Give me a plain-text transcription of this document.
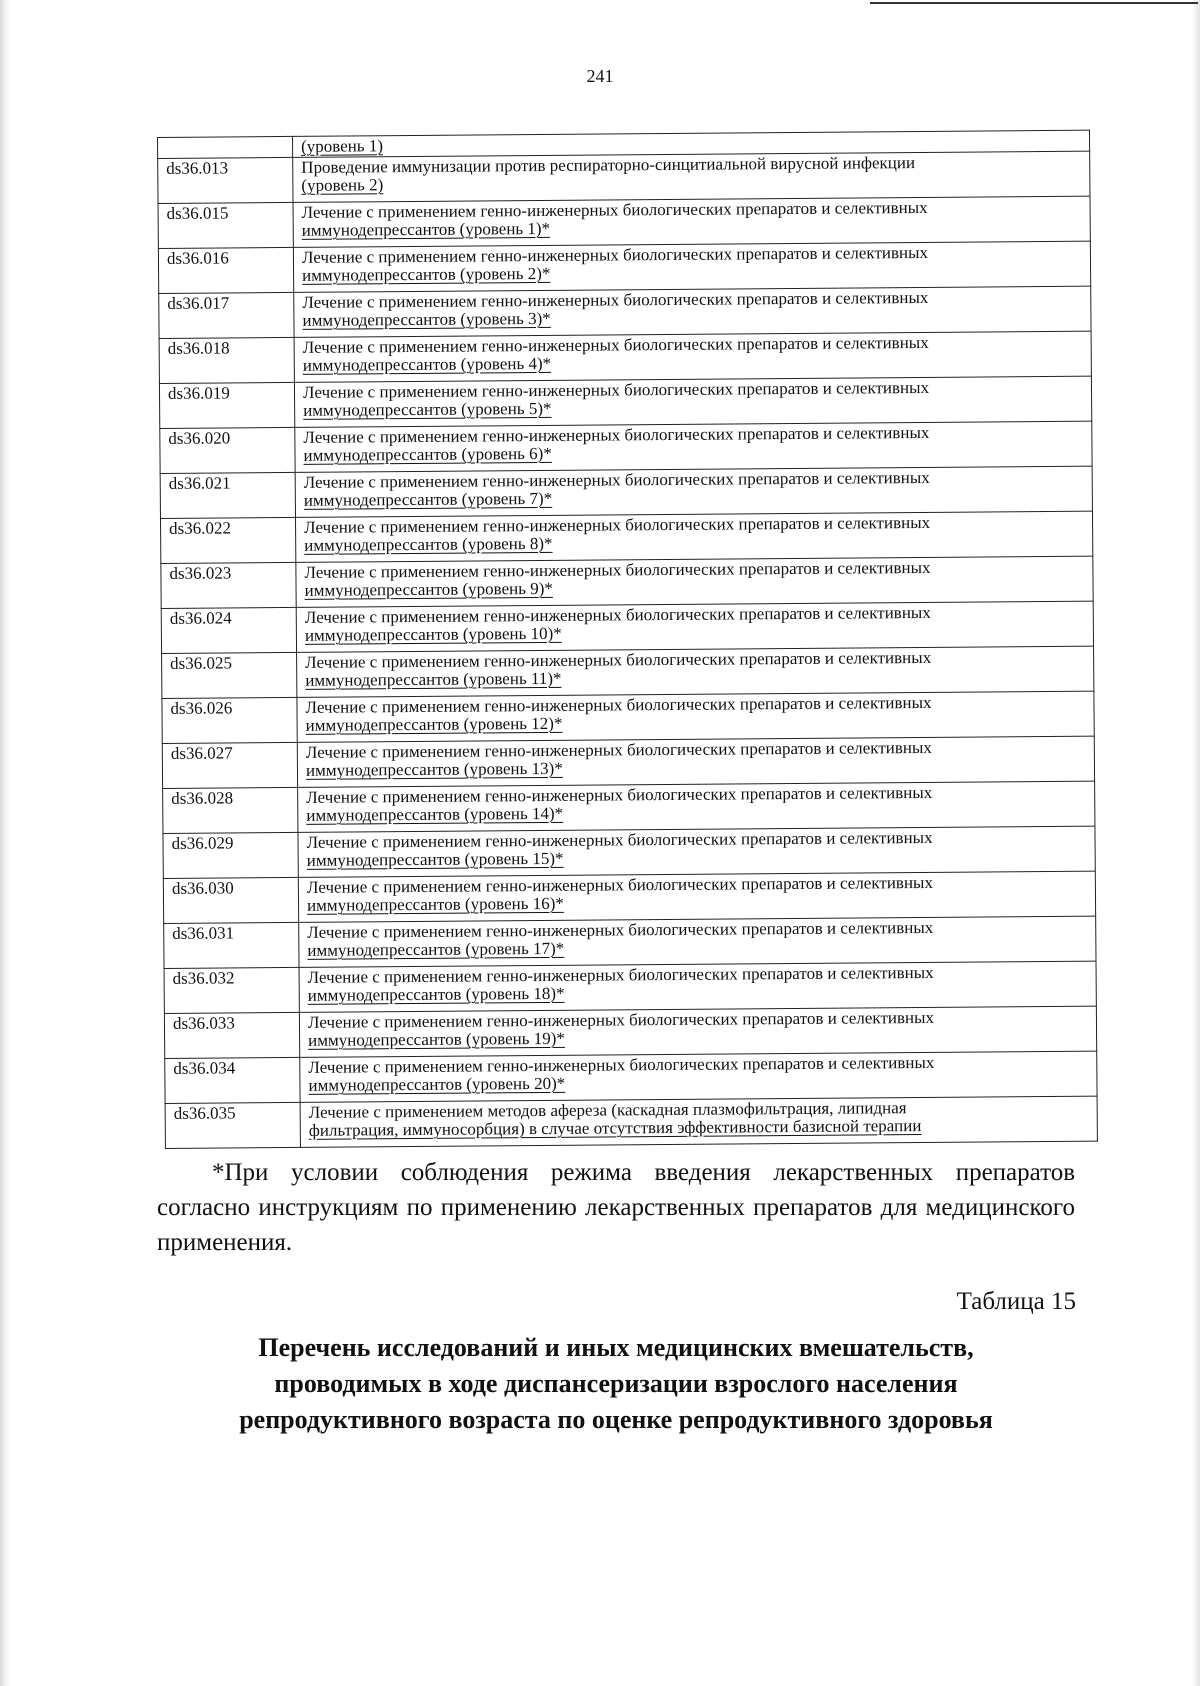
241

	(уровень 1)

ds36.013	Проведение иммунизации против респираторно-синцитиальной вирусной инфекции
(уровень 2)

ds36.015	Лечение с применением генно-инженерных биологических препаратов и селективных
иммунодепрессантов (уровень 1)*

ds36.016	Лечение с применением генно-инженерных биологических препаратов и селективных
иммунодепрессантов (уровень 2)*

ds36.017	Лечение с применением генно-инженерных биологических препаратов и селективных
иммунодепрессантов (уровень 3)*

ds36.018	Лечение с применением генно-инженерных биологических препаратов и селективных
иммунодепрессантов (уровень 4)*

ds36.019	Лечение с применением генно-инженерных биологических препаратов и селективных
иммунодепрессантов (уровень 5)*

ds36.020	Лечение с применением генно-инженерных биологических препаратов и селективных
иммунодепрессантов (уровень 6)*

ds36.021	Лечение с применением генно-инженерных биологических препаратов и селективных
иммунодепрессантов (уровень 7)*

ds36.022	Лечение с применением генно-инженерных биологических препаратов и селективных
иммунодепрессантов (уровень 8)*

ds36.023	Лечение с применением генно-инженерных биологических препаратов и селективных
иммунодепрессантов (уровень 9)*

ds36.024	Лечение с применением генно-инженерных биологических препаратов и селективных
иммунодепрессантов (уровень 10)*

ds36.025	Лечение с применением генно-инженерных биологических препаратов и селективных
иммунодепрессантов (уровень 11)*

ds36.026	Лечение с применением генно-инженерных биологических препаратов и селективных
иммунодепрессантов (уровень 12)*

ds36.027	Лечение с применением генно-инженерных биологических препаратов и селективных
иммунодепрессантов (уровень 13)*

ds36.028	Лечение с применением генно-инженерных биологических препаратов и селективных
иммунодепрессантов (уровень 14)*

ds36.029	Лечение с применением генно-инженерных биологических препаратов и селективных
иммунодепрессантов (уровень 15)*

ds36.030	Лечение с применением генно-инженерных биологических препаратов и селективных
иммунодепрессантов (уровень 16)*

ds36.031	Лечение с применением генно-инженерных биологических препаратов и селективных
иммунодепрессантов (уровень 17)*

ds36.032	Лечение с применением генно-инженерных биологических препаратов и селективных
иммунодепрессантов (уровень 18)*

ds36.033	Лечение с применением генно-инженерных биологических препаратов и селективных
иммунодепрессантов (уровень 19)*

ds36.034	Лечение с применением генно-инженерных биологических препаратов и селективных
иммунодепрессантов (уровень 20)*

ds36.035	Лечение с применением методов афереза (каскадная плазмофильтрация, липидная
фильтрация, иммуносорбция) в случае отсутствия эффективности базисной терапии
*При условии соблюдения режима введения лекарственных препаратов согласно инструкциям по применению лекарственных препаратов для медицинского применения.
Таблица 15
Перечень исследований и иных медицинских вмешательств,
проводимых в ходе диспансеризации взрослого населения
репродуктивного возраста по оценке репродуктивного здоровья
